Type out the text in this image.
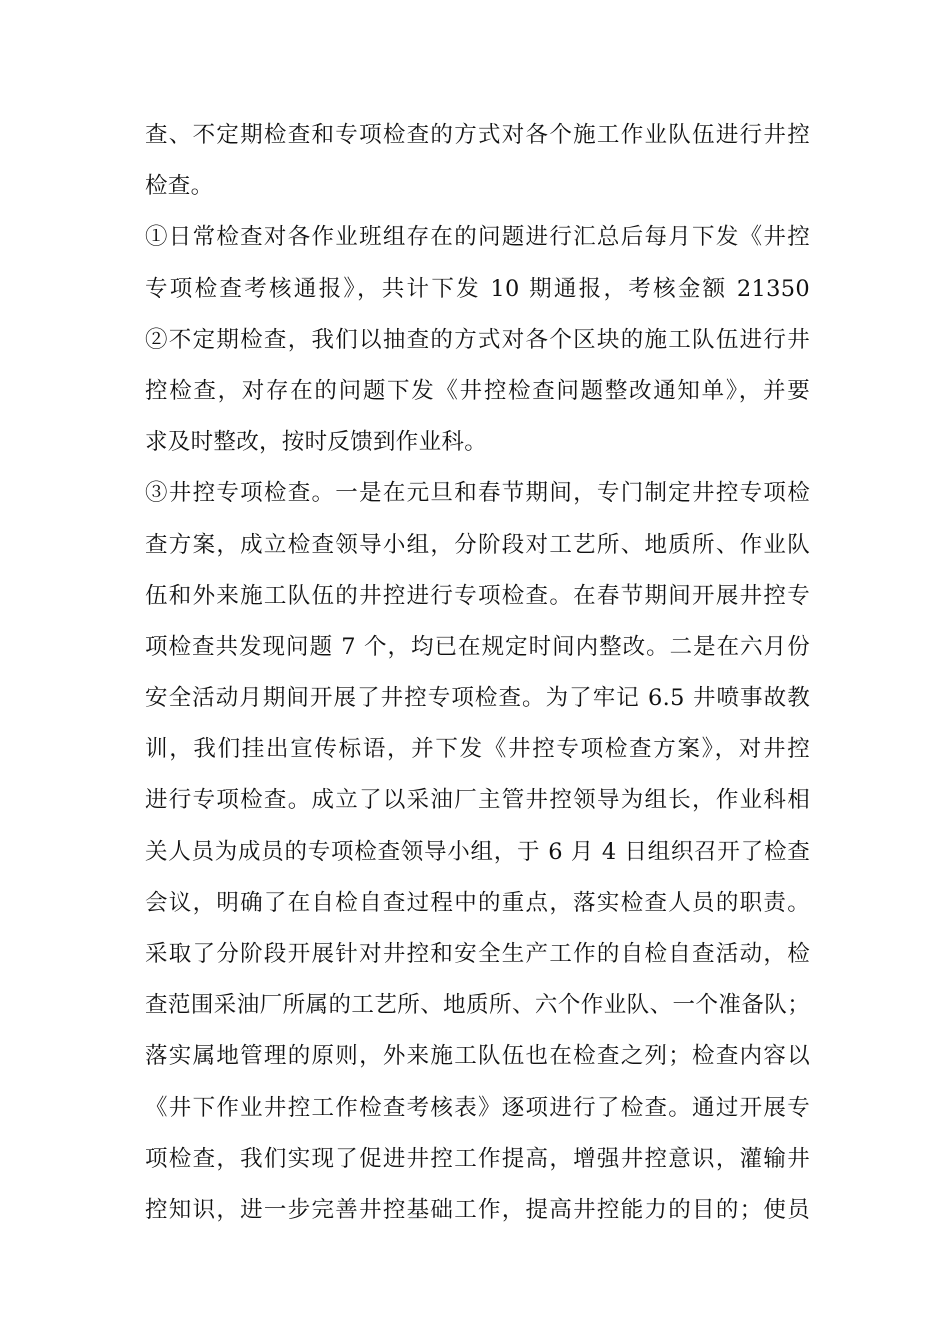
查、不定期检查和专项检查的方式对各个施工作业队伍进行井控
检查。
①日常检查对各作业班组存在的问题进行汇总后每月下发《井控
专项检查考核通报》，共计下发 10 期通报，考核金额 21350
②不定期检查，我们以抽查的方式对各个区块的施工队伍进行井
控检查，对存在的问题下发《井控检查问题整改通知单》，并要
求及时整改，按时反馈到作业科。
③井控专项检查。一是在元旦和春节期间，专门制定井控专项检
查方案，成立检查领导小组，分阶段对工艺所、地质所、作业队
伍和外来施工队伍的井控进行专项检查。在春节期间开展井控专
项检查共发现问题 7 个，均已在规定时间内整改。二是在六月份
安全活动月期间开展了井控专项检查。为了牢记 6.5 井喷事故教
训，我们挂出宣传标语，并下发《井控专项检查方案》，对井控
进行专项检查。成立了以采油厂主管井控领导为组长，作业科相
关人员为成员的专项检查领导小组，于 6 月 4 日组织召开了检查
会议，明确了在自检自查过程中的重点，落实检查人员的职责。
采取了分阶段开展针对井控和安全生产工作的自检自查活动，检
查范围采油厂所属的工艺所、地质所、六个作业队、一个准备队；
落实属地管理的原则，外来施工队伍也在检查之列；检查内容以
《井下作业井控工作检查考核表》逐项进行了检查。通过开展专
项检查，我们实现了促进井控工作提高，增强井控意识，灌输井
控知识，进一步完善井控基础工作，提高井控能力的目的；使员
